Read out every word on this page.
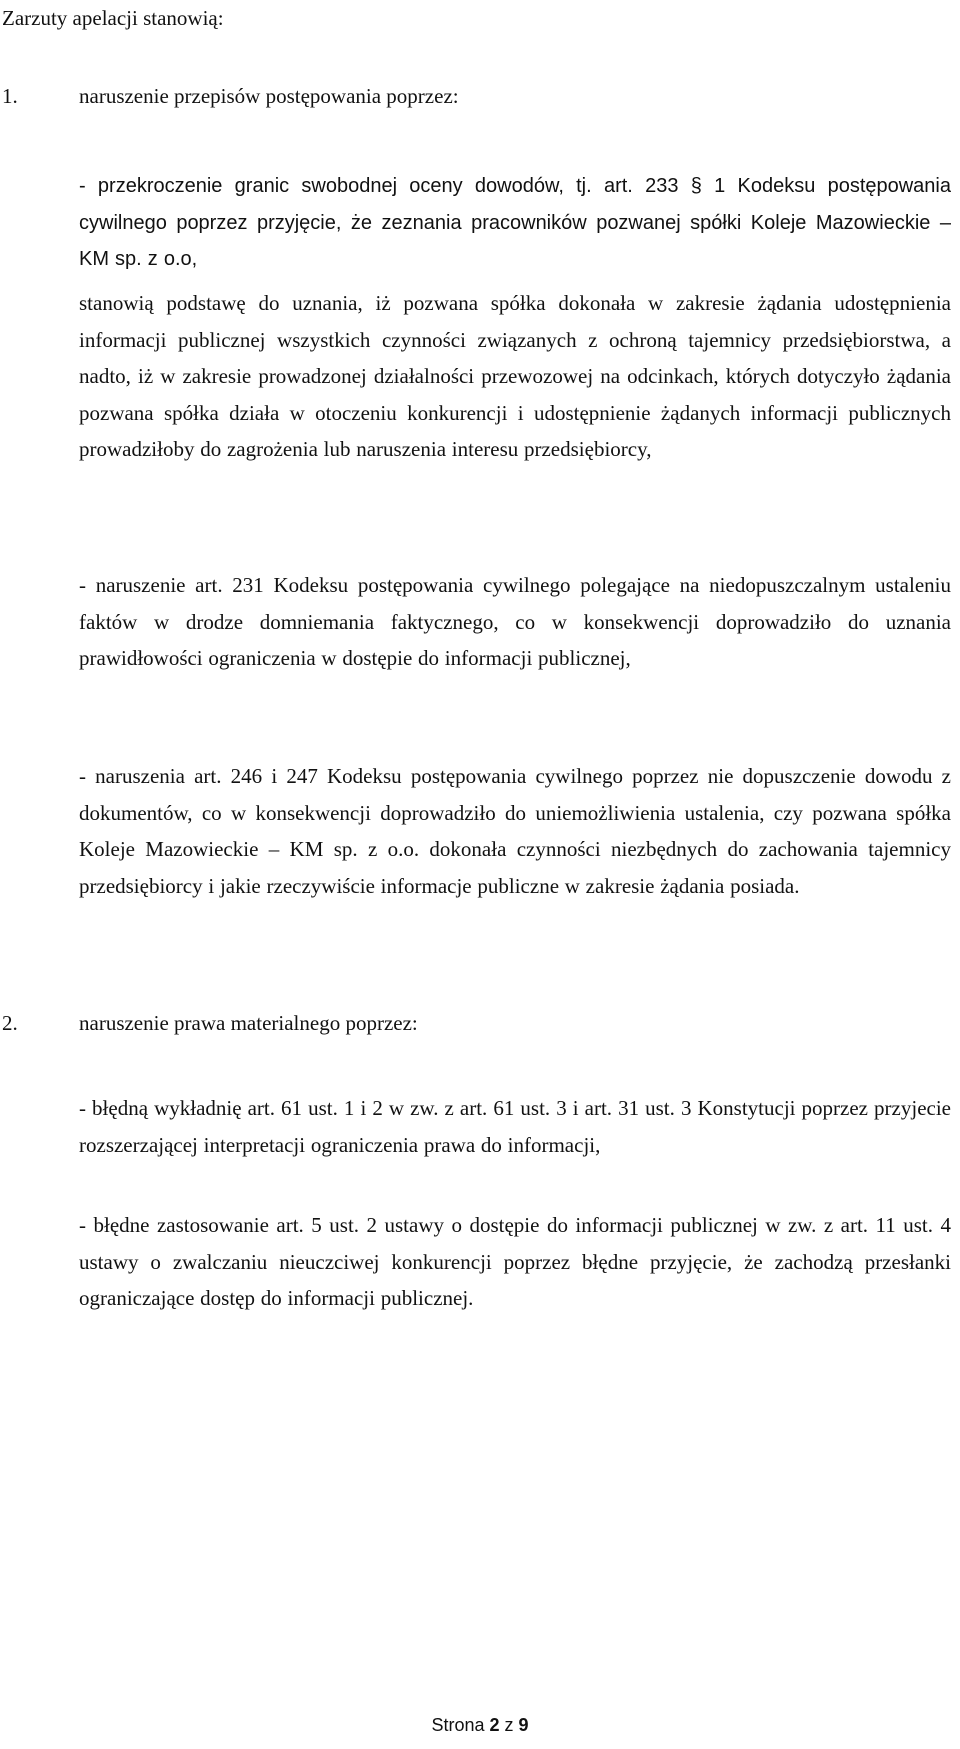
Zarzuty apelacji stanowią:
1.	naruszenie przepisów postępowania poprzez:

- przekroczenie granic swobodnej oceny dowodów, tj. art. 233 § 1 Kodeksu postępowania cywilnego poprzez przyjęcie, że zeznania pracowników pozwanej spółki Koleje Mazowieckie – KM sp. z o.o,

stanowią podstawę do uznania, iż pozwana spółka dokonała w zakresie żądania udostępnienia informacji publicznej wszystkich czynności związanych z ochroną tajemnicy przedsiębiorstwa, a nadto, iż w zakresie prowadzonej działalności przewozowej na odcinkach, których dotyczyło żądania pozwana spółka działa w otoczeniu konkurencji i udostępnienie żądanych informacji publicznych prowadziłoby do zagrożenia lub naruszenia interesu przedsiębiorcy,

- naruszenie art. 231 Kodeksu postępowania cywilnego polegające na niedopuszczalnym ustaleniu faktów w drodze domniemania faktycznego, co w konsekwencji doprowadziło do uznania prawidłowości ograniczenia w dostępie do informacji publicznej,

- naruszenia art. 246 i 247 Kodeksu postępowania cywilnego poprzez nie dopuszczenie dowodu z dokumentów, co w konsekwencji doprowadziło do uniemożliwienia ustalenia, czy pozwana spółka Koleje Mazowieckie – KM sp. z o.o. dokonała czynności niezbędnych do zachowania tajemnicy przedsiębiorcy i jakie rzeczywiście informacje publiczne w zakresie żądania posiada.

2.	naruszenie prawa materialnego poprzez:

- błędną wykładnię art. 61 ust. 1 i 2 w zw. z art. 61 ust. 3 i art. 31 ust. 3 Konstytucji poprzez przyjecie rozszerzającej interpretacji ograniczenia prawa do informacji,

- błędne zastosowanie art. 5 ust. 2 ustawy o dostępie do informacji publicznej w zw. z art. 11 ust. 4 ustawy o zwalczaniu nieuczciwej konkurencji poprzez błędne przyjęcie, że zachodzą przesłanki ograniczające dostęp do informacji publicznej.

Strona 2 z 9
